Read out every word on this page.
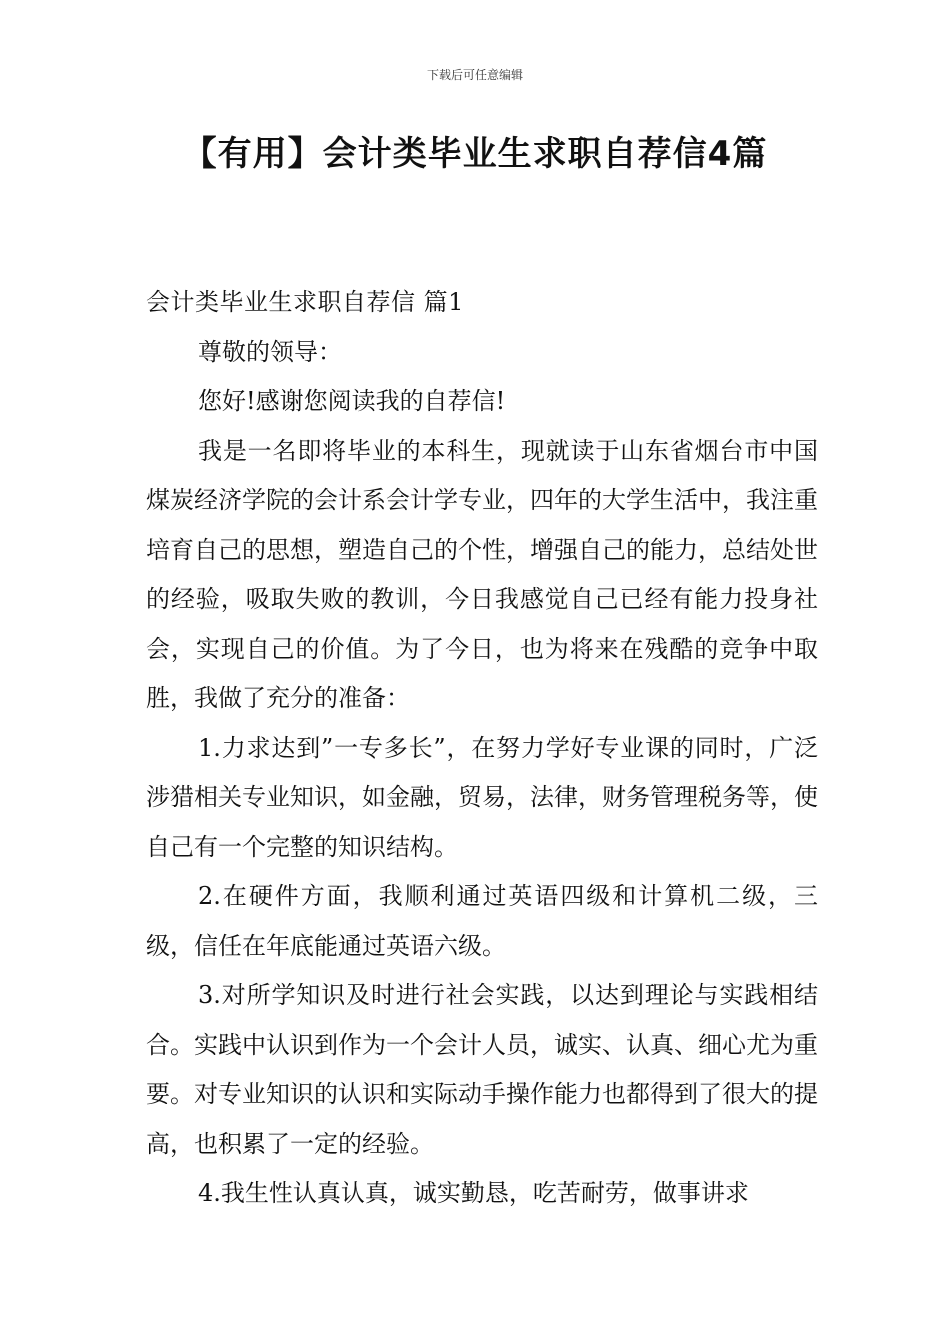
下载后可任意编辑
【有用】会计类毕业生求职自荐信4篇

会计类毕业生求职自荐信 篇1

尊敬的领导：

您好!感谢您阅读我的自荐信!

我是一名即将毕业的本科生，现就读于山东省烟台市中国煤炭经济学院的会计系会计学专业，四年的大学生活中，我注重培育自己的思想，塑造自己的个性，增强自己的能力，总结处世的经验，吸取失败的教训，今日我感觉自己已经有能力投身社会，实现自己的价值。为了今日，也为将来在残酷的竞争中取胜，我做了充分的准备：

1.力求达到”一专多长”，在努力学好专业课的同时，广泛涉猎相关专业知识，如金融，贸易，法律，财务管理税务等，使自己有一个完整的知识结构。

2.在硬件方面，我顺利通过英语四级和计算机二级，三级，信任在年底能通过英语六级。

3.对所学知识及时进行社会实践，以达到理论与实践相结合。实践中认识到作为一个会计人员，诚实、认真、细心尤为重要。对专业知识的认识和实际动手操作能力也都得到了很大的提高，也积累了一定的经验。

4.我生性认真认真，诚实勤恳，吃苦耐劳，做事讲求
